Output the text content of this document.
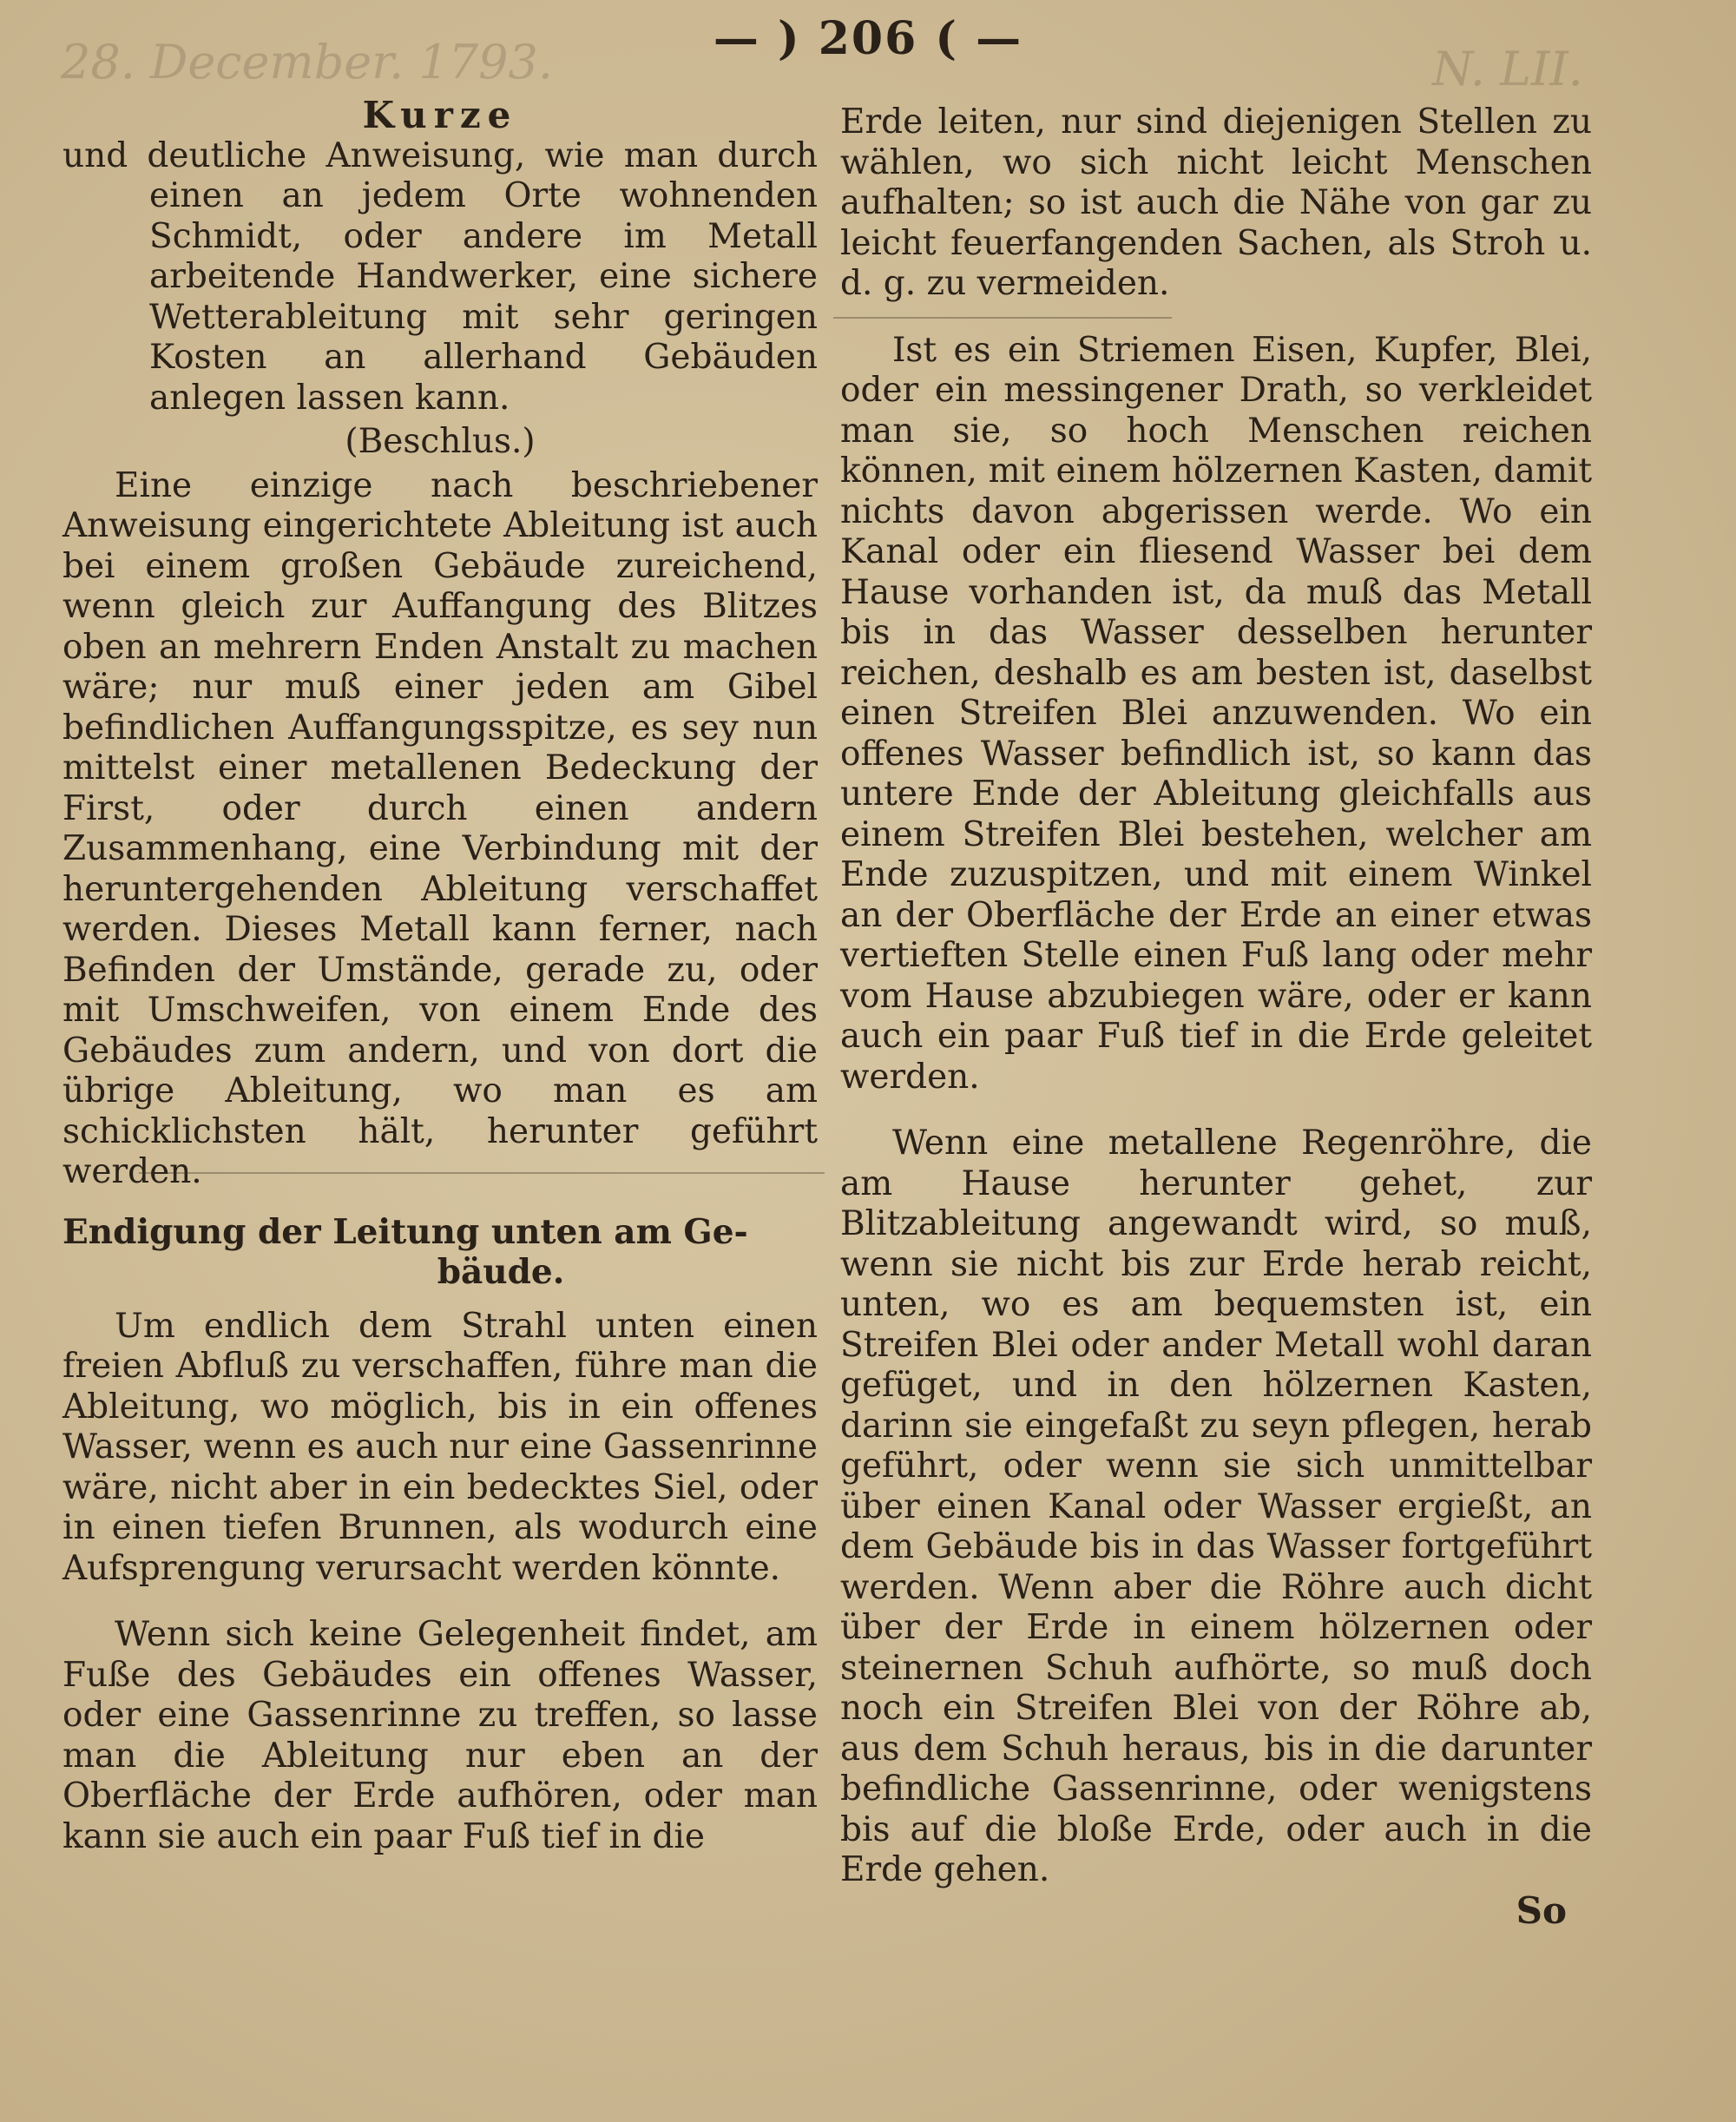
28. December. 1793.	N. LII.
— ) 206 ( —

Kurze

und deutliche Anweisung, wie man durch einen an jedem Orte wohnenden Schmidt, oder andere im Metall arbeitende Handwerker, eine sichere Wetterableitung mit sehr geringen Kosten an allerhand Gebäuden anlegen lassen kann.

(Beschlus.)

Eine einzige nach beschriebener Anweisung eingerichtete Ableitung ist auch bei einem großen Gebäude zureichend, wenn gleich zur Auffangung des Blitzes oben an mehrern Enden Anstalt zu machen wäre; nur muß einer jeden am Gibel befindlichen Auffangungsspitze, es sey nun mittelst einer metallenen Bedeckung der First, oder durch einen andern Zusammenhang, eine Verbindung mit der heruntergehenden Ableitung verschaffet werden. Dieses Metall kann ferner, nach Befinden der Umstände, gerade zu, oder mit Umschweifen, von einem Ende des Gebäudes zum andern, und von dort die übrige Ableitung, wo man es am schicklichsten hält, herunter geführt werden.

Endigung der Leitung unten am Ge-
bäude.

Um endlich dem Strahl unten einen freien Abfluß zu verschaffen, führe man die Ableitung, wo möglich, bis in ein offenes Wasser, wenn es auch nur eine Gassenrinne wäre, nicht aber in ein bedecktes Siel, oder in einen tiefen Brunnen, als wodurch eine Aufsprengung verursacht werden könnte.

Wenn sich keine Gelegenheit findet, am Fuße des Gebäudes ein offenes Wasser, oder eine Gassenrinne zu treffen, so lasse man die Ableitung nur eben an der Oberfläche der Erde aufhören, oder man kann sie auch ein paar Fuß tief in die

Erde leiten, nur sind diejenigen Stellen zu wählen, wo sich nicht leicht Menschen aufhalten; so ist auch die Nähe von gar zu leicht feuerfangenden Sachen, als Stroh u. d. g. zu vermeiden.

Ist es ein Striemen Eisen, Kupfer, Blei, oder ein messingener Drath, so verkleidet man sie, so hoch Menschen reichen können, mit einem hölzernen Kasten, damit nichts davon abgerissen werde. Wo ein Kanal oder ein fliesend Wasser bei dem Hause vorhanden ist, da muß das Metall bis in das Wasser desselben herunter reichen, deshalb es am besten ist, daselbst einen Streifen Blei anzuwenden. Wo ein offenes Wasser befindlich ist, so kann das untere Ende der Ableitung gleichfalls aus einem Streifen Blei bestehen, welcher am Ende zuzuspitzen, und mit einem Winkel an der Oberfläche der Erde an einer etwas vertieften Stelle einen Fuß lang oder mehr vom Hause abzubiegen wäre, oder er kann auch ein paar Fuß tief in die Erde geleitet werden.

Wenn eine metallene Regenröhre, die am Hause herunter gehet, zur Blitzableitung angewandt wird, so muß, wenn sie nicht bis zur Erde herab reicht, unten, wo es am bequemsten ist, ein Streifen Blei oder ander Metall wohl daran gefüget, und in den hölzernen Kasten, darinn sie eingefaßt zu seyn pflegen, herab geführt, oder wenn sie sich unmittelbar über einen Kanal oder Wasser ergießt, an dem Gebäude bis in das Wasser fortgeführt werden. Wenn aber die Röhre auch dicht über der Erde in einem hölzernen oder steinernen Schuh aufhörte, so muß doch noch ein Streifen Blei von der Röhre ab, aus dem Schuh heraus, bis in die darunter befindliche Gassenrinne, oder wenigstens bis auf die bloße Erde, oder auch in die Erde gehen.

So
